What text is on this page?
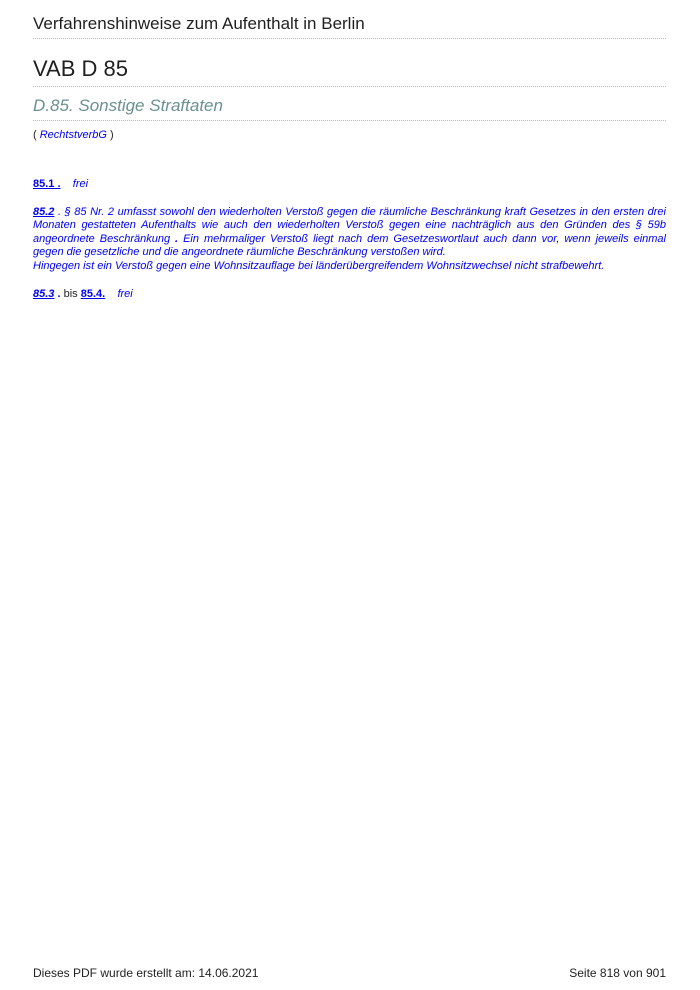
Verfahrenshinweise zum Aufenthalt in Berlin
VAB D 85
D.85. Sonstige Straftaten
( RechtstverbG )
85.1 . frei
85.2 . § 85 Nr. 2 umfasst sowohl den wiederholten Verstoß gegen die räumliche Beschränkung kraft Gesetzes in den ersten drei Monaten gestatteten Aufenthalts wie auch den wiederholten Verstoß gegen eine nachträglich aus den Gründen des § 59b angeordnete Beschränkung . Ein mehrmaliger Verstoß liegt nach dem Gesetzeswortlaut auch dann vor, wenn jeweils einmal gegen die gesetzliche und die angeordnete räumliche Beschränkung verstoßen wird.
Hingegen ist ein Verstoß gegen eine Wohnsitzauflage bei länderübergreifendem Wohnsitzwechsel nicht strafbewehrt.
85.3 . bis 85.4. frei
Dieses PDF wurde erstellt am: 14.06.2021	Seite 818 von 901
